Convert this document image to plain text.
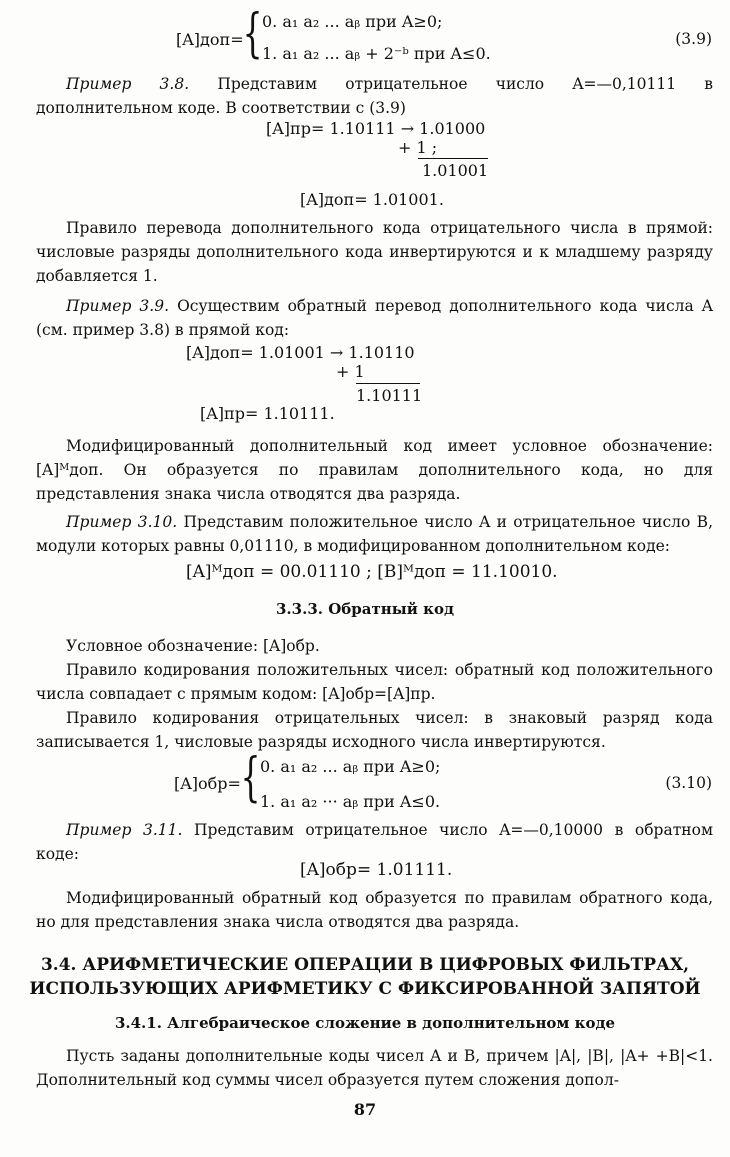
[A]доп= { 0. a₁ a₂ ... aᵦ при A≥0;
1. a₁ a₂ ... aᵦ + 2⁻ᵇ при A≤0.
(3.9)
Пример 3.8. Представим отрицательное число A=—0,10111 в дополнительном коде. В соответствии с (3.9)
[A]пр= 1.10111 → 1.01000
+ 1 ;
1.01001
[A]доп= 1.01001.
Правило перевода дополнительного кода отрицательного числа в прямой: числовые разряды дополнительного кода инвертируются и к младшему разряду добавляется 1.
Пример 3.9. Осуществим обратный перевод дополнительного кода числа A (см. пример 3.8) в прямой код:
[A]доп= 1.01001 → 1.10110
+ 1
1.10111
[A]пр= 1.10111.
Модифицированный дополнительный код имеет условное обозначение: [A]ᴹдоп. Он образуется по правилам дополнительного кода, но для представления знака числа отводятся два разряда.
Пример 3.10. Представим положительное число A и отрицательное число B, модули которых равны 0,01110, в модифицированном дополнительном коде:
[A]ᴹдоп = 00.01110 ; [B]ᴹдоп = 11.10010.
3.3.3. Обратный код
Условное обозначение: [A]обр.
Правило кодирования положительных чисел: обратный код положительного числа совпадает с прямым кодом: [A]обр=[A]пр.
Правило кодирования отрицательных чисел: в знаковый разряд кода записывается 1, числовые разряды исходного числа инвертируются.
[A]обр= { 0. a₁ a₂ ... aᵦ при A≥0;
1. a₁ a₂ ··· aᵦ при A≤0.
(3.10)
Пример 3.11. Представим отрицательное число A=—0,10000 в обратном коде:
[A]обр= 1.01111.
Модифицированный обратный код образуется по правилам обратного кода, но для представления знака числа отводятся два разряда.
3.4. АРИФМЕТИЧЕСКИЕ ОПЕРАЦИИ В ЦИФРОВЫХ ФИЛЬТРАХ,
ИСПОЛЬЗУЮЩИХ АРИФМЕТИКУ С ФИКСИРОВАННОЙ ЗАПЯТОЙ
3.4.1. Алгебраическое сложение в дополнительном коде
Пусть заданы дополнительные коды чисел A и B, причем |A|, |B|, |A+ +B|<1. Дополнительный код суммы чисел образуется путем сложения допол-
87
